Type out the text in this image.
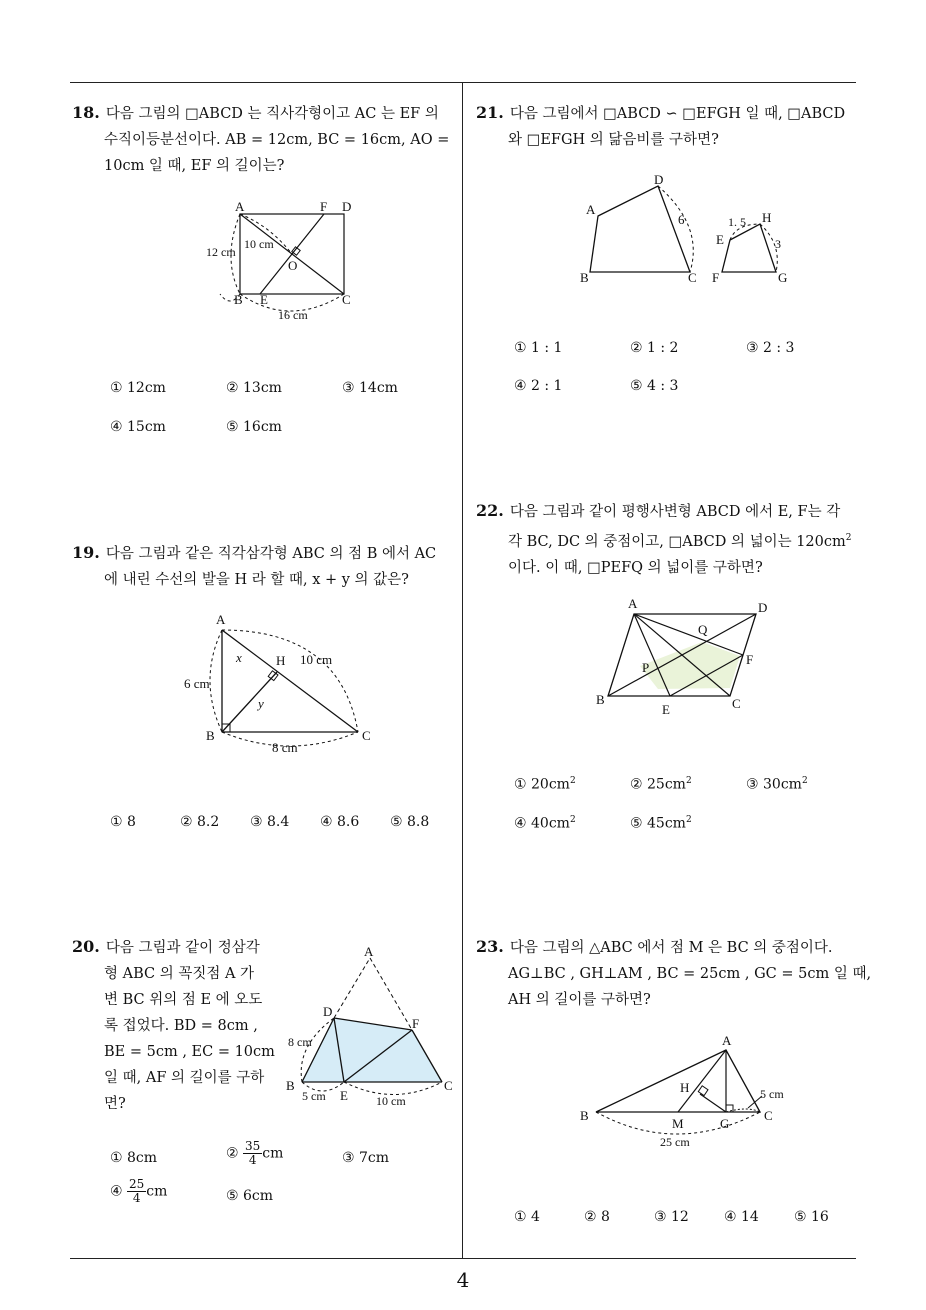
18. 다음 그림의 □ABCD 는 직사각형이고 AC 는 EF 의
수직이등분선이다. AB = 12cm, BC = 16cm, AO =
10cm 일 때, EF 의 길이는?
A	F D
B E	C
O
12 cm
10 cm
16 cm
① 12cm	② 13cm	③ 14cm
④ 15cm	⑤ 16cm
19. 다음 그림과 같은 직각삼각형 ABC 의 점 B 에서 AC
에 내린 수선의 발을 H 라 할 때, x + y 의 값은?
A
B	C
H
x
y
6 cm
10 cm
8 cm
① 8	② 8.2 ③ 8.4 ④ 8.6 ⑤ 8.8
20. 다음 그림과 같이 정삼각
형 ABC 의 꼭짓점 A 가
변 BC 위의 점 E 에 오도
록 접었다. BD = 8cm ,
BE = 5cm , EC = 10cm
일 때, AF 의 길이를 구하
면?
A
D
F
B
E
C
8 cm
5 cm	10 cm
① 8cm	② $\frac{35}{4}$ cm	③ 7cm
④ $\frac{25}{4}$ cm	⑤ 6cm
21. 다음 그림에서 □ABCD ∽ □EFGH 일 때, □ABCD
와 □EFGH 의 닮음비를 구하면?
A
B	C
D
6
E
F	G
H
1. 5
3
① 1 : 1	② 1 : 2	③ 2 : 3
④ 2 : 1	⑤ 4 : 3
22. 다음 그림과 같이 평행사변형 ABCD 에서 E, F는 각
각 BC, DC 의 중점이고, □ABCD 의 넓이는 $120cm^2$
이다. 이 때, □PEFQ 의 넓이를 구하면?
A	D
B	C
E
F
P
Q
① $20cm^2$	② $25cm^2$	③ $30cm^2$
④ $40cm^2$	⑤ $45cm^2$
23. 다음 그림의 △ABC 에서 점 M 은 BC 의 중점이다.
AG⊥BC , GH⊥AM , BC = 25cm , GC = 5cm 일 때,
AH 의 길이를 구하면?
A
B	C
H
M	G
5 cm
25 cm
① 4	② 8	③ 12	④ 14	⑤ 16
4
